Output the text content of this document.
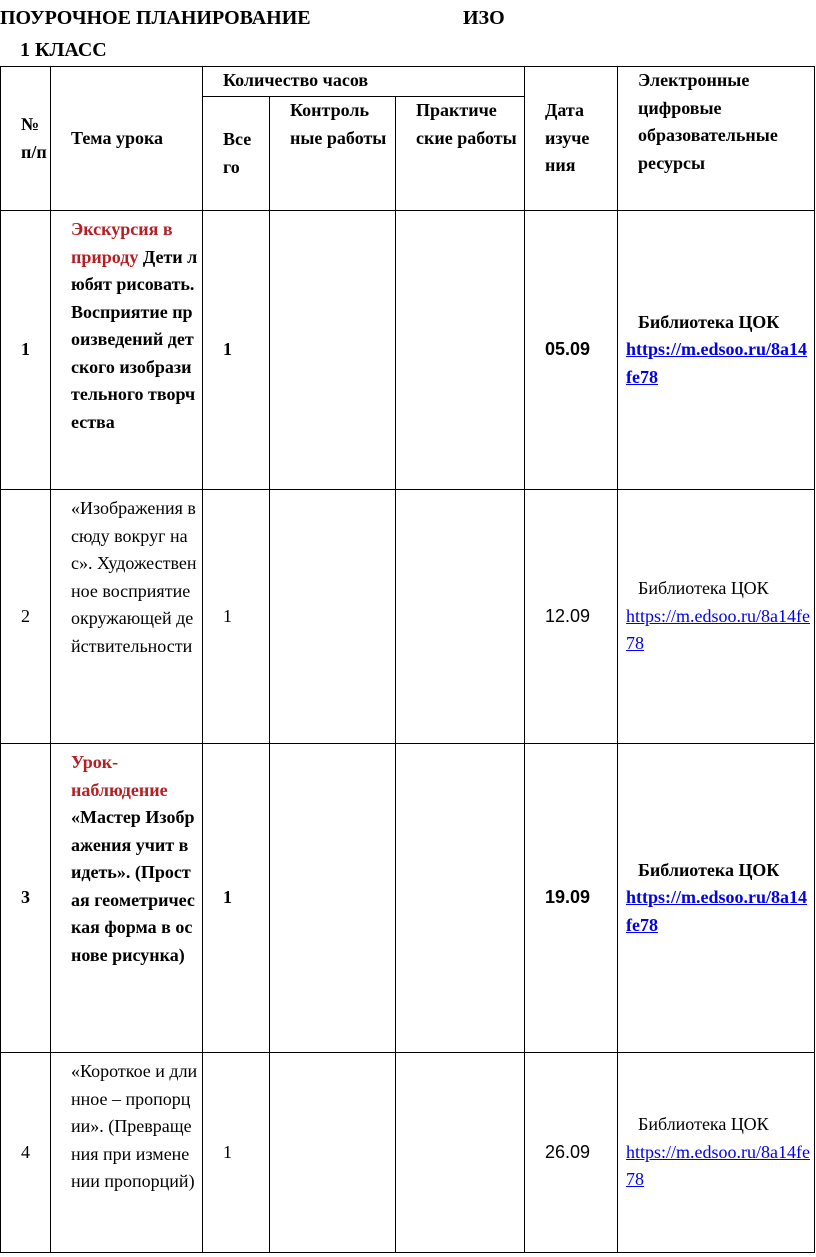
ПОУРОЧНОЕ ПЛАНИРОВАНИЕ	ИЗО
1 КЛАСС
№ п/п	Тема урока	Количество часов			Дата изуче ния	Электронные цифровые образовательные ресурсы
		Все го	Контроль ные работы	Практиче ские работы		
1	Экскурсия в природу Дети любят рисовать. Восприятие произведений детского изобразительного творчества	1			05.09	Библиотека ЦОК
https://m.edsoo.ru/8a14fe78

2	«Изображения всюду вокруг нас». Художественное восприятие окружающей действительности	1			12.09	Библиотека ЦОК
https://m.edsoo.ru/8a14fe78

3	Урок-наблюдение «Мастер Изображения учит видеть». (Простая геометрическая форма в основе рисунка)	1			19.09	Библиотека ЦОК
https://m.edsoo.ru/8a14fe78

4	«Короткое и длинное – пропорции». (Превращения при изменении пропорций)	1			26.09	Библиотека ЦОК
https://m.edsoo.ru/8a14fe78
